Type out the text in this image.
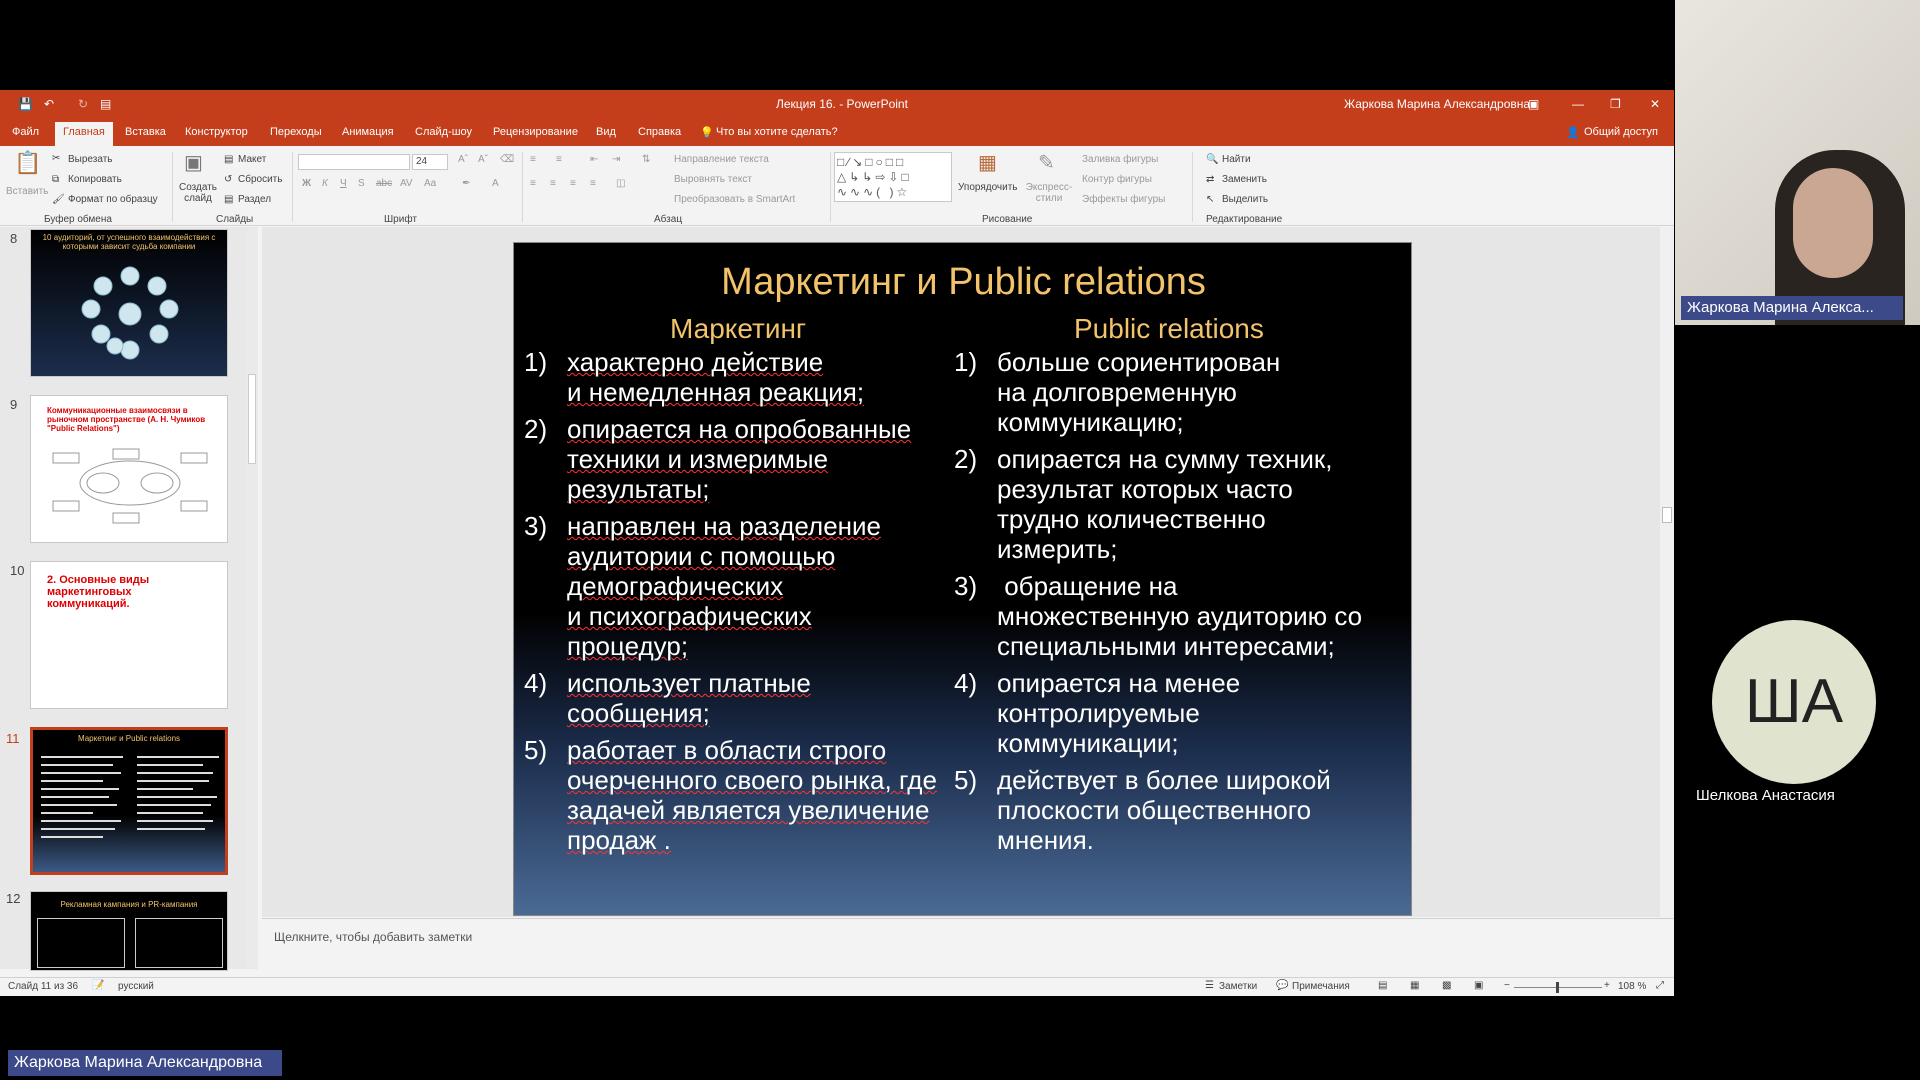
💾 ↶ ↻ ▤	Лекция 16. - PowerPoint	Жаркова Марина Александровна
▣	— ❐ ✕
Файл	Главная	Вставка Конструктор Переходы Анимация Слайд-шоу Рецензирование Вид Справка 💡 Что вы хотите сделать?	👤 Общий доступ
📋
Вставить
✂ Вырезать
⧉ Копировать
🖌 Формат по образцу
Буфер обмена
▣
Создать слайд
▤ Макет
↺ Сбросить
▤ Раздел
Слайды
24	Aˆ Aˇ ⌫
Ж К Ч S abc AV Aa	✒ A
Шрифт
≡ ≡	⇤ ⇥ ⇅
≡ ≡ ≡ ≡ ◫
Направление текста
Выровнять текст
Преобразовать в SmartArt
Абзац
□∕↘□○□□ △↳↳⇨⇩□ ∿∿∿( )☆
▦
Упорядочить
✎
Экспресс-стили
Заливка фигуры
Контур фигуры
Эффекты фигуры
Рисование
🔍 Найти
⇄ Заменить
↖ Выделить
Редактирование
8	10 аудиторий, от успешного взаимодействия с которыми зависит судьба компании
9	Коммуникационные взаимосвязи в рыночном пространстве (А. Н. Чумиков "Public Relations")
10
2. Основные виды маркетинговых коммуникаций.
11	Маркетинг и Public relations
12	Рекламная кампания и PR-кампания
Щелкните, чтобы добавить заметки
Слайд 11 из 36 📝 русский	☰ Заметки 💬 Примечания	▤ ▦ ▩ ▣ −	+ 108 % ⤢
Маркетинг и Public relations
Маркетинг	Public relations
1) характерно действие
и немедленная реакция;
2) опирается на опробованные
техники и измеримые
результаты;
3) направлен на разделение
аудитории с помощью
демографических
и психографических
процедур;
4) использует платные
сообщения;
5) работает в области строго
очерченного своего рынка, где
задачей является увеличение
продаж .
1) больше сориентирован
на долговременную
коммуникацию;
2) опирается на сумму техник,
результат которых часто
трудно количественно
измерить;
3) обращение на
множественную аудиторию со
специальными интересами;
4) опирается на менее
контролируемые
коммуникации;
5) действует в более широкой
плоскости общественного
мнения.
Жаркова Марина Алекса...
ША
Шелкова Анастасия
Жаркова Марина Александровна
